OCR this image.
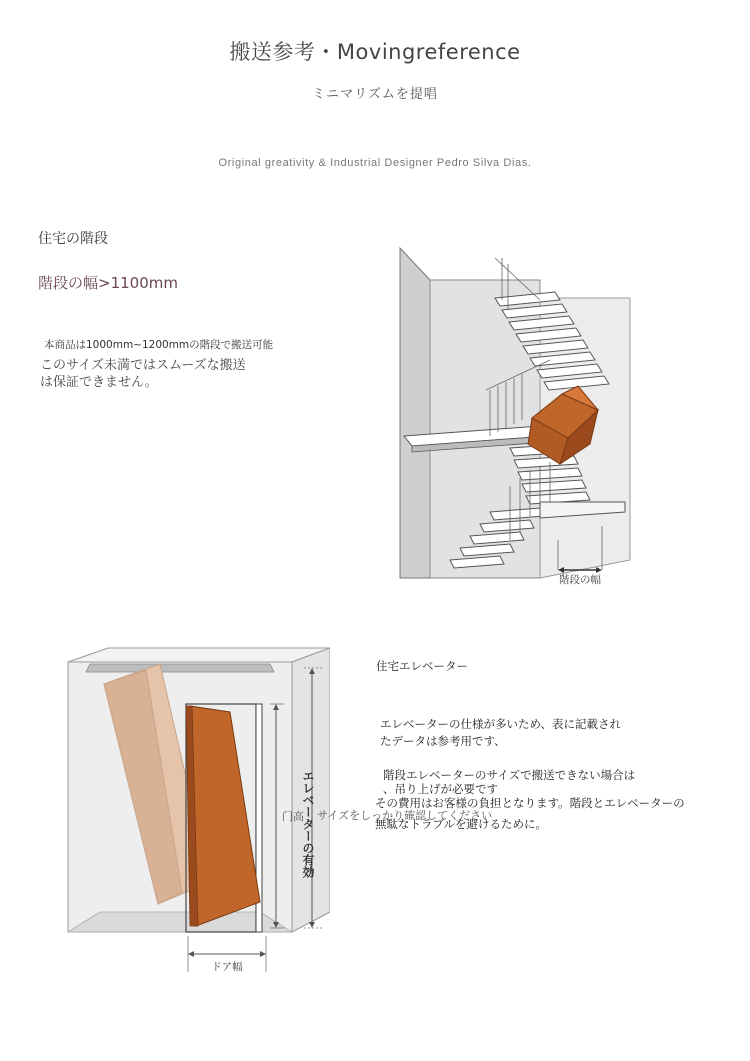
搬送参考・Movingreference
ミニマリズムを提唱
Original greativity & Industrial Designer Pedro Silva Dias.
住宅の階段
階段の幅>1100mm
本商品は1000mm~1200mmの階段で搬送可能
このサイズ未満ではスムーズな搬送
は保証できません。
階段の幅
门高
エレベーターの有効
ドア幅
住宅エレベーター
エレベーターの仕様が多いため、表に記載され
たデータは参考用です、
階段エレベーターのサイズで搬送できない場合は
、吊り上げが必要です
その費用はお客様の負担となります。階段とエレベーターの
無駄なトラブルを避けるために。
サイズをしっかり確認してください
